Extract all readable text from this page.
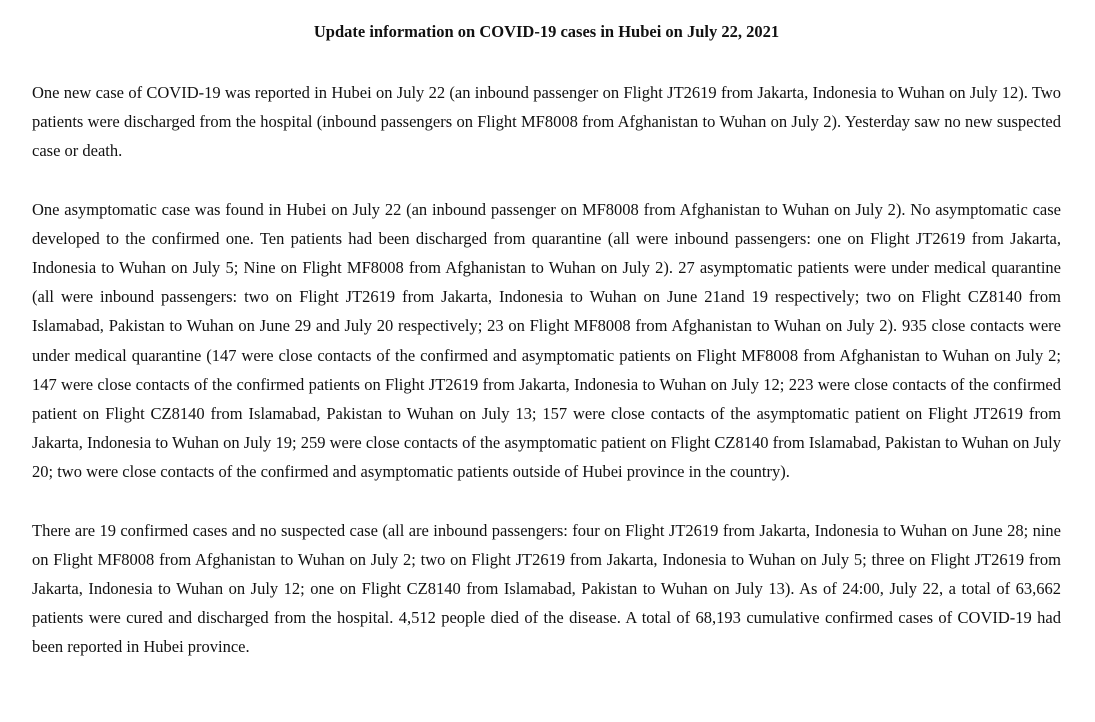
Update information on COVID-19 cases in Hubei on July 22, 2021

One new case of COVID-19 was reported in Hubei on July 22 (an inbound passenger on Flight JT2619 from Jakarta, Indonesia to Wuhan on July 12). Two patients were discharged from the hospital (inbound passengers on Flight MF8008 from Afghanistan to Wuhan on July 2). Yesterday saw no new suspected case or death.

One asymptomatic case was found in Hubei on July 22 (an inbound passenger on MF8008 from Afghanistan to Wuhan on July 2). No asymptomatic case developed to the confirmed one. Ten patients had been discharged from quarantine (all were inbound passengers: one on Flight JT2619 from Jakarta, Indonesia to Wuhan on July 5; Nine on Flight MF8008 from Afghanistan to Wuhan on July 2). 27 asymptomatic patients were under medical quarantine (all were inbound passengers: two on Flight JT2619 from Jakarta, Indonesia to Wuhan on June 21and 19 respectively; two on Flight CZ8140 from Islamabad, Pakistan to Wuhan on June 29 and July 20 respectively; 23 on Flight MF8008 from Afghanistan to Wuhan on July 2). 935 close contacts were under medical quarantine (147 were close contacts of the confirmed and asymptomatic patients on Flight MF8008 from Afghanistan to Wuhan on July 2; 147 were close contacts of the confirmed patients on Flight JT2619 from Jakarta, Indonesia to Wuhan on July 12; 223 were close contacts of the confirmed patient on Flight CZ8140 from Islamabad, Pakistan to Wuhan on July 13; 157 were close contacts of the asymptomatic patient on Flight JT2619 from Jakarta, Indonesia to Wuhan on July 19; 259 were close contacts of the asymptomatic patient on Flight CZ8140 from Islamabad, Pakistan to Wuhan on July 20; two were close contacts of the confirmed and asymptomatic patients outside of Hubei province in the country).

There are 19 confirmed cases and no suspected case (all are inbound passengers: four on Flight JT2619 from Jakarta, Indonesia to Wuhan on June 28; nine on Flight MF8008 from Afghanistan to Wuhan on July 2; two on Flight JT2619 from Jakarta, Indonesia to Wuhan on July 5; three on Flight JT2619 from Jakarta, Indonesia to Wuhan on July 12; one on Flight CZ8140 from Islamabad, Pakistan to Wuhan on July 13). As of 24:00, July 22, a total of 63,662 patients were cured and discharged from the hospital. 4,512 people died of the disease. A total of 68,193 cumulative confirmed cases of COVID-19 had been reported in Hubei province.
